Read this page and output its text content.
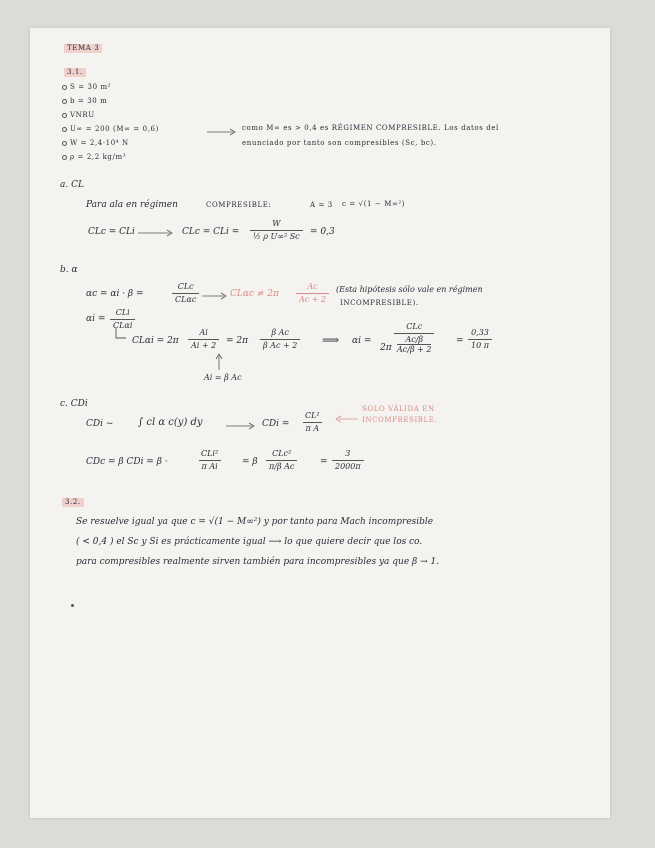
TEMA 3
3.1.
S = 30 m²
b = 30 m
VNRU
U∞ = 200 (M∞ = 0,6)	como M∞ es > 0,4 es RÉGIMEN COMPRESIBLE. Los datos del
W = 2,4·10⁴ N	enunciado por tanto son compresibles (Sc, bc).
ρ = 2,2 kg/m³
a. CL
Para ala en régimen	COMPRESIBLE:	A = 3 c = √(1 − M∞²)
CLc = CLi	CLc = CLi = $\frac{W}{\text{½ ρ U∞² Sc}} = 0,3$
b. α
αc = αi · β =
CLc
CLαc
$CL\alpha c \ne 2\pi \frac{Ac}{Ac + 2}$ (Esta hipótesis sólo vale en régimen
INCOMPRESIBLE).
αi =
CLi
CLαi
$CL\alpha i = 2\pi \frac{Ai}{Ai + 2} = 2\pi \frac{\text{β Ac}}{\text{β Ac + 2}}$ ⟹ αi =
2π
CLc
$\frac{Ac/\beta}{Ac/\beta + 2} = \frac{0,33}{10 \pi}$
Ai = β Ac
c. CDi
CDi ∼ ∫ cl α c(y) dy	CDi = $\frac{\text{CL²}}{\text{π A}}$
SOLO VÁLIDA EN
INCOMPRESIBLE.
CDc = β CDi = β ·
CLi²
π Ai	= β
CLc²
π/β Ac	= $\frac{3}{2000\pi}$
3.2.
Se resuelve igual ya que c = √(1 − M∞²) y por tanto para Mach incompresible
( < 0,4 ) el Sc y Si es prácticamente igual ⟶ lo que quiere decir que los co.
para compresibles realmente sirven también para incompresibles ya que β → 1.
